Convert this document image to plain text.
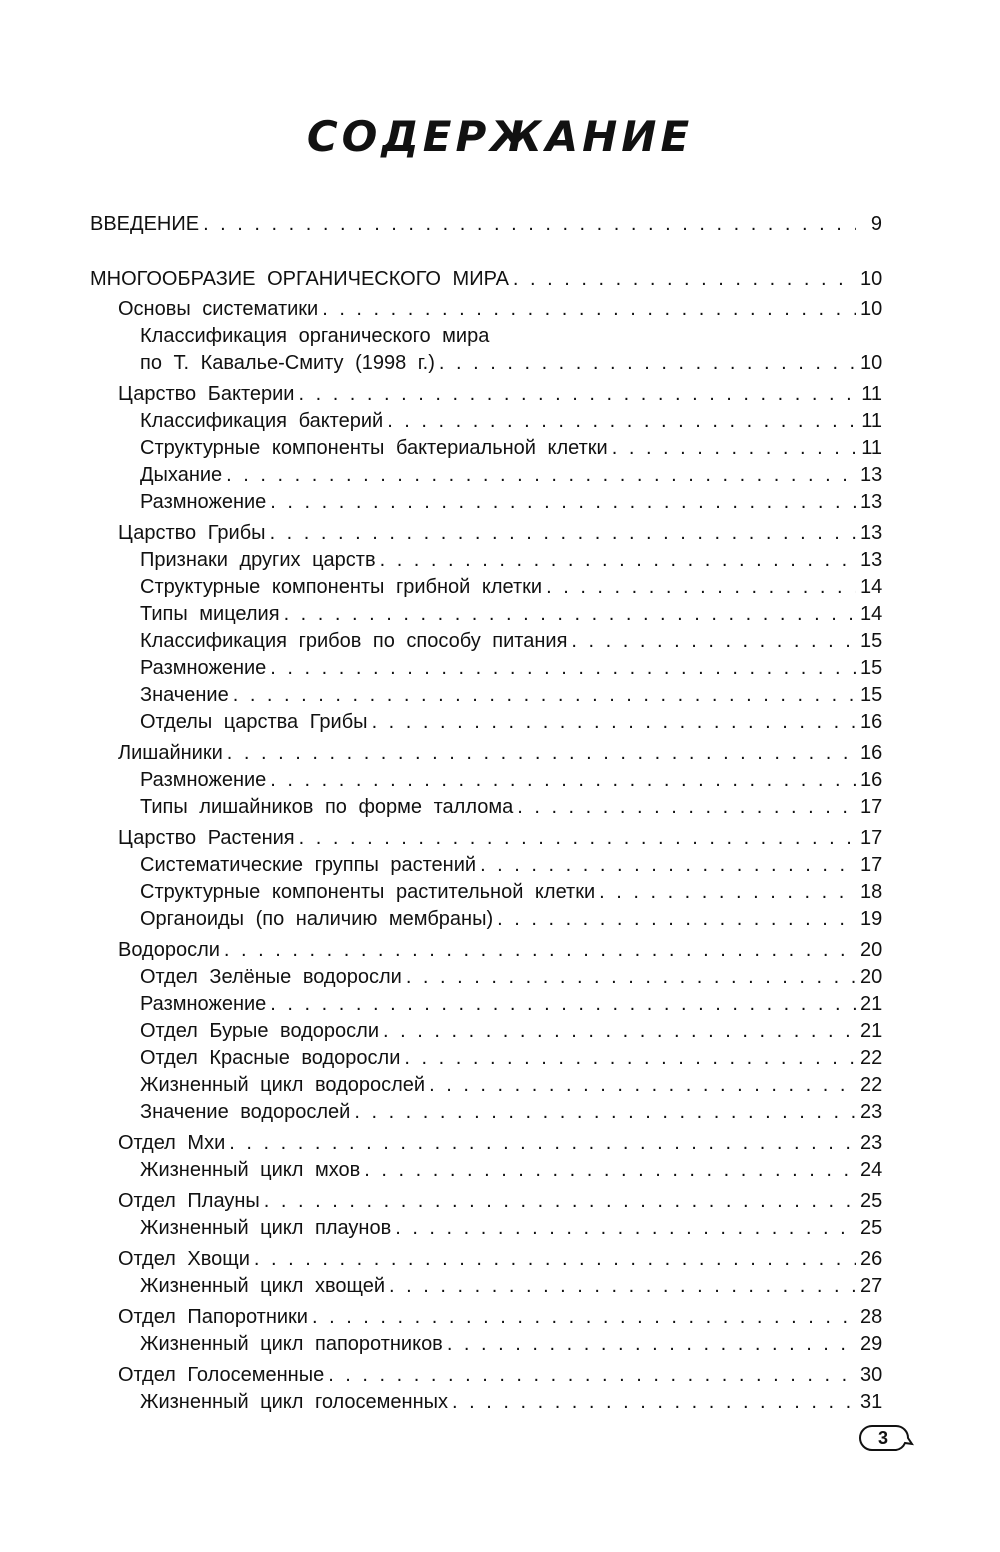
СОДЕРЖАНИЕ
ВВЕДЕНИЕ . . .	9
МНОГООБРАЗИЕ ОРГАНИЧЕСКОГО МИРА . . .	10
Основы систематики . . .	10
Классификация органического мира
по Т. Кавалье-Смиту (1998 г.) . . .	10
Царство Бактерии . . .	11
Классификация бактерий . . .	11
Структурные компоненты бактериальной клетки . . .	11
Дыхание . . .	13
Размножение . . .	13
Царство Грибы . . .	13
Признаки других царств . . .	13
Структурные компоненты грибной клетки . . .	14
Типы мицелия . . .	14
Классификация грибов по способу питания . . .	15
Размножение . . .	15
Значение . . .	15
Отделы царства Грибы . . .	16
Лишайники . . .	16
Размножение . . .	16
Типы лишайников по форме таллома . . .	17
Царство Растения . . .	17
Систематические группы растений . . .	17
Структурные компоненты растительной клетки . . .	18
Органоиды (по наличию мембраны) . . .	19
Водоросли . . .	20
Отдел Зелёные водоросли . . .	20
Размножение . . .	21
Отдел Бурые водоросли . . .	21
Отдел Красные водоросли . . .	22
Жизненный цикл водорослей . . .	22
Значение водорослей . . .	23
Отдел Мхи . . .	23
Жизненный цикл мхов . . .	24
Отдел Плауны . . .	25
Жизненный цикл плаунов . . .	25
Отдел Хвощи . . .	26
Жизненный цикл хвощей . . .	27
Отдел Папоротники . . .	28
Жизненный цикл папоротников . . .	29
Отдел Голосеменные . . .	30
Жизненный цикл голосеменных . . .	31
3
